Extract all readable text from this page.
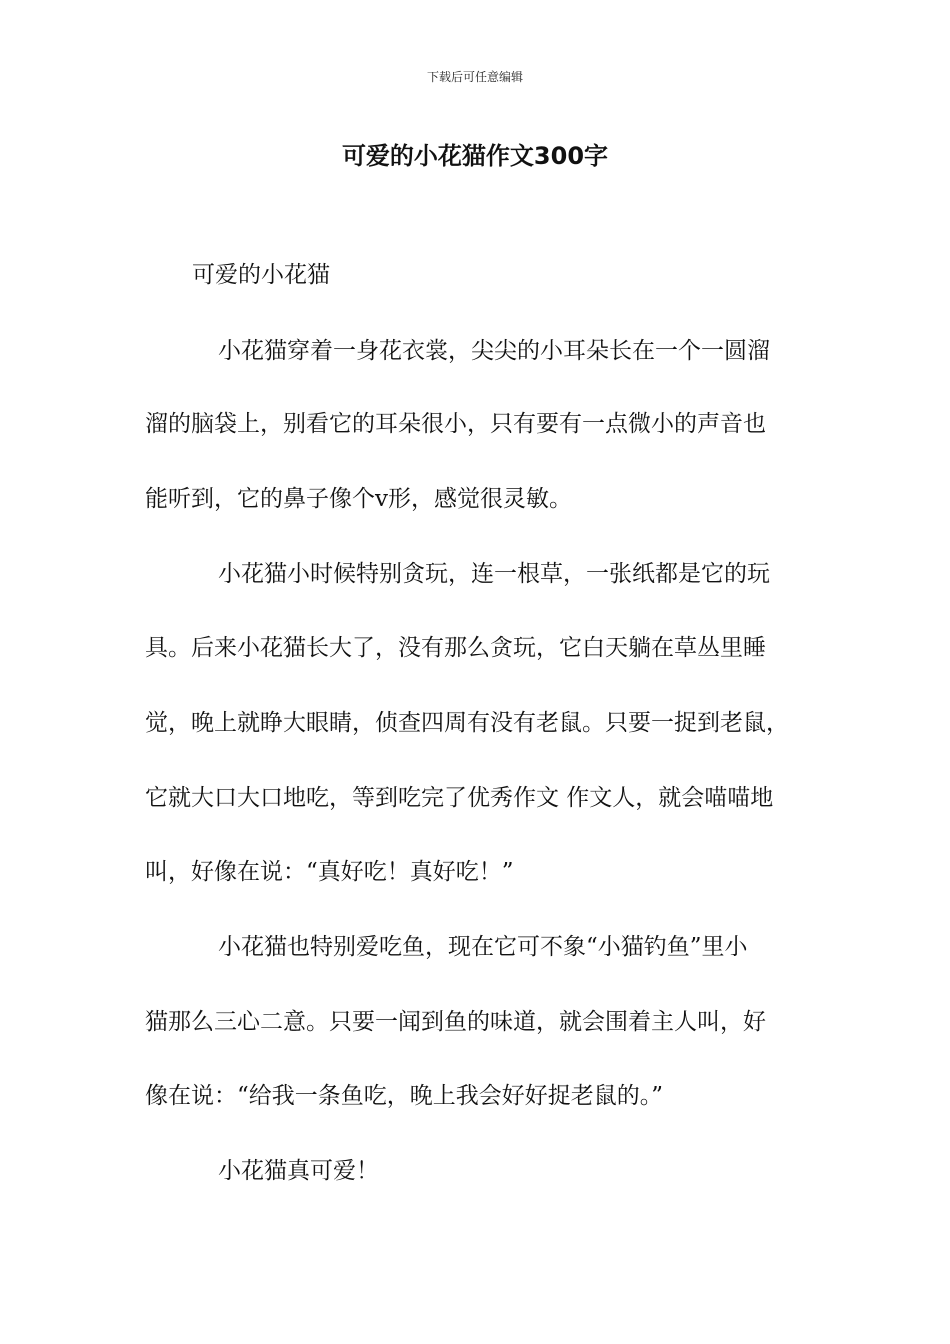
下载后可任意编辑
可爱的小花猫作文300字
可爱的小花猫
小花猫穿着一身花衣裳，尖尖的小耳朵长在一个一圆溜
溜的脑袋上，别看它的耳朵很小，只有要有一点微小的声音也
能听到，它的鼻子像个v形，感觉很灵敏。
小花猫小时候特别贪玩，连一根草，一张纸都是它的玩
具。后来小花猫长大了，没有那么贪玩，它白天躺在草丛里睡
觉，晚上就睁大眼睛，侦查四周有没有老鼠。只要一捉到老鼠，
它就大口大口地吃，等到吃完了优秀作文 作文人，就会喵喵地
叫，好像在说：“真好吃！真好吃！”
小花猫也特别爱吃鱼，现在它可不象“小猫钓鱼”里小
猫那么三心二意。只要一闻到鱼的味道，就会围着主人叫，好
像在说：“给我一条鱼吃，晚上我会好好捉老鼠的。”
小花猫真可爱！
